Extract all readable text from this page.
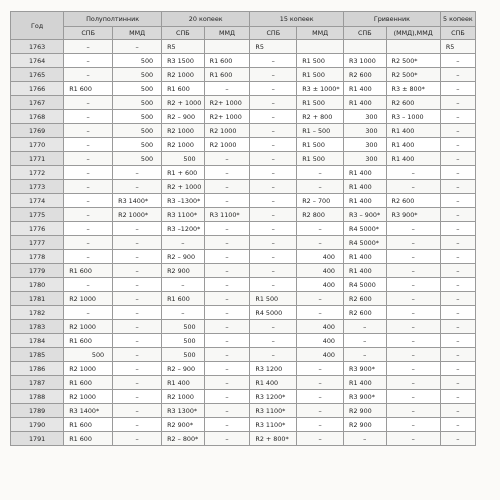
Год	Полуполтинник		20 копеек		15 копеек		Гривенник		5 копеек
	СПБ	ММД	СПБ	ММД	СПБ	ММД	СПБ	(ММД),ММД	СПБ
1763	–	–	R5		R5				R5
1764	–	500	R3 1500	R1 600	–	R1 500	R3 1000	R2 500*	–
1765	–	500	R2 1000	R1 600	–	R1 500	R2 600	R2 500*	–
1766	R1 600	500	R1 600	–	–	R3 ± 1000*	R1 400	R3 ± 800*	–
1767	–	500	R2 + 1000	R2+ 1000	–	R1 500	R1 400	R2 600	–
1768	–	500	R2 – 900	R2+ 1000	–	R2 + 800	300	R3 – 1000	–
1769	–	500	R2 1000	R2 1000	–	R1 – 500	300	R1 400	–
1770	–	500	R2 1000	R2 1000	–	R1 500	300	R1 400	–
1771	–	500	500	–	–	R1 500	300	R1 400	–
1772	–	–	R1 + 600	–	–	–	R1 400	–	–
1773	–	–	R2 + 1000	–	–	–	R1 400	–	–
1774	–	R3 1400*	R3 –1300*	–	–	R2 – 700	R1 400	R2 600	–
1775	–	R2 1000*	R3 1100*	R3 1100*	–	R2 800	R3 – 900*	R3 900*	–
1776	–	–	R3 –1200*	–	–	–	R4 5000*	–	–
1777	–	–	–	–	–	–	R4 5000*	–	–
1778	–	–	R2 – 900	–	–	400	R1 400	–	–
1779	R1 600	–	R2 900	–	–	400	R1 400	–	–
1780	–	–	–	–	–	400	R4 5000	–	–
1781	R2 1000	–	R1 600	–	R1 500	–	R2 600	–	–
1782	–	–	–	–	R4 5000	–	R2 600	–	–
1783	R2 1000	–	500	–	–	400	–	–	–
1784	R1 600	–	500	–	–	400	–	–	–
1785	500	–	500	–	–	400	–	–	–
1786	R2 1000	–	R2 – 900	–	R3 1200	–	R3 900*	–	–
1787	R1 600	–	R1 400	–	R1 400	–	R1 400	–	–
1788	R2 1000	–	R2 1000	–	R3 1200*	–	R3 900*	–	–
1789	R3 1400*	–	R3 1300*	–	R3 1100*	–	R2 900	–	–
1790	R1 600	–	R2 900*	–	R3 1100*	–	R2 900	–	–
1791	R1 600	–	R2 – 800*	–	R2 + 800*	–	–	–	–
